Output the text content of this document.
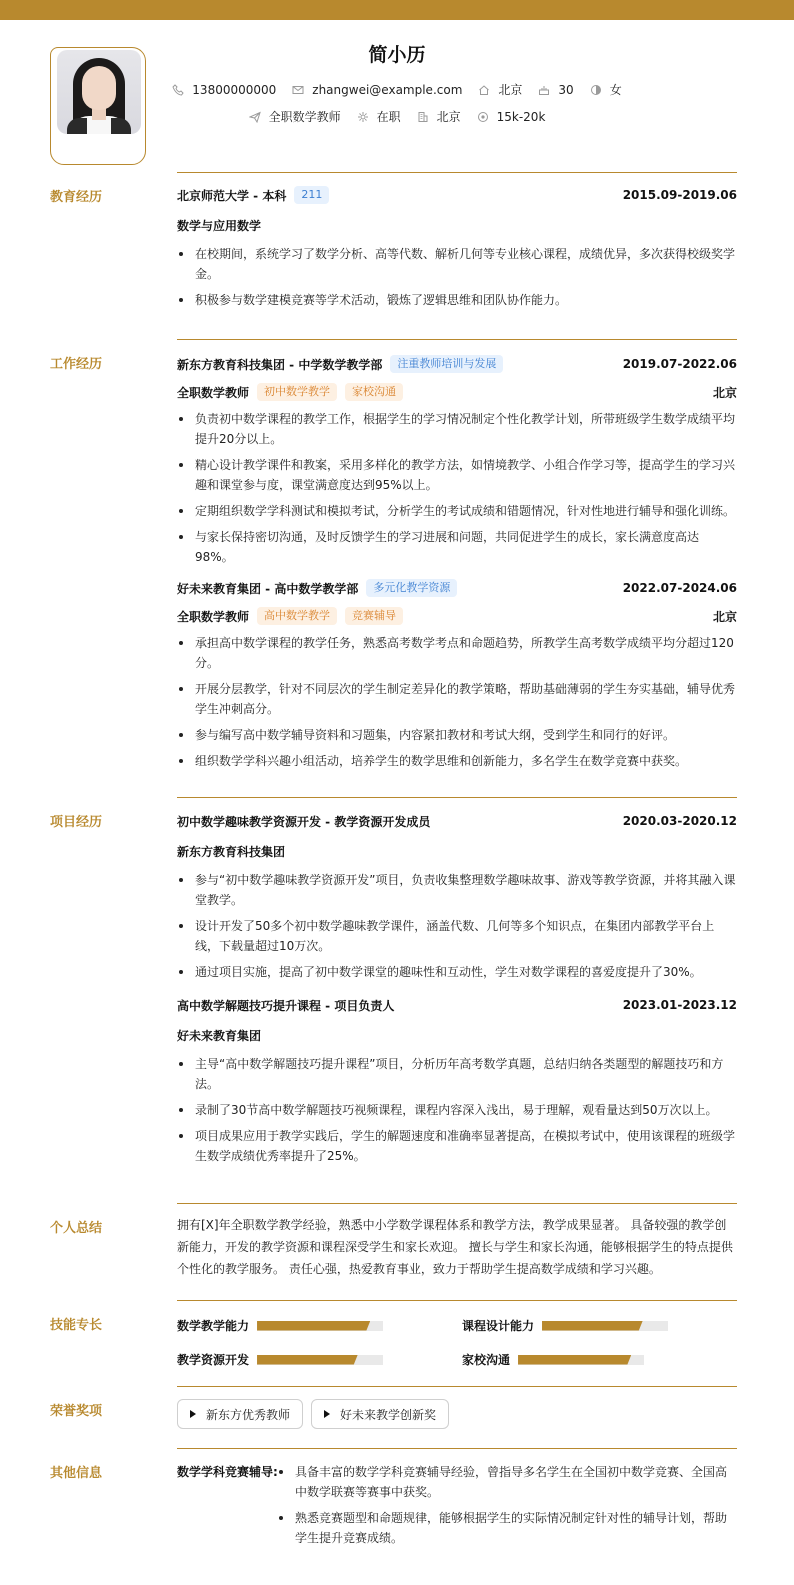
简小历
13800000000	zhangwei@example.com	北京	30	女
全职数学教师	在职	北京	15k-20k
教育经历	北京师范大学 - 本科	211	2015.09-2019.06
数学与应用数学
在校期间，系统学习了数学分析、高等代数、解析几何等专业核心课程，成绩优异，多次获得校级奖学金。
积极参与数学建模竞赛等学术活动，锻炼了逻辑思维和团队协作能力。
工作经历	新东方教育科技集团 - 中学数学教学部	注重教师培训与发展	2019.07-2022.06
全职数学教师	初中数学教学	家校沟通	北京
负责初中数学课程的教学工作，根据学生的学习情况制定个性化教学计划，所带班级学生数学成绩平均提升20分以上。
精心设计教学课件和教案，采用多样化的教学方法，如情境教学、小组合作学习等，提高学生的学习兴趣和课堂参与度，课堂满意度达到95%以上。
定期组织数学学科测试和模拟考试，分析学生的考试成绩和错题情况，针对性地进行辅导和强化训练。
与家长保持密切沟通，及时反馈学生的学习进展和问题，共同促进学生的成长，家长满意度高达98%。
好未来教育集团 - 高中数学教学部	多元化教学资源	2022.07-2024.06
全职数学教师	高中数学教学	竞赛辅导	北京
承担高中数学课程的教学任务，熟悉高考数学考点和命题趋势，所教学生高考数学成绩平均分超过120分。
开展分层教学，针对不同层次的学生制定差异化的教学策略，帮助基础薄弱的学生夯实基础，辅导优秀学生冲刺高分。
参与编写高中数学辅导资料和习题集，内容紧扣教材和考试大纲，受到学生和同行的好评。
组织数学学科兴趣小组活动，培养学生的数学思维和创新能力，多名学生在数学竞赛中获奖。
项目经历	初中数学趣味教学资源开发 - 教学资源开发成员	2020.03-2020.12
新东方教育科技集团
参与“初中数学趣味教学资源开发”项目，负责收集整理数学趣味故事、游戏等教学资源，并将其融入课堂教学。
设计开发了50多个初中数学趣味教学课件，涵盖代数、几何等多个知识点，在集团内部教学平台上线，下载量超过10万次。
通过项目实施，提高了初中数学课堂的趣味性和互动性，学生对数学课程的喜爱度提升了30%。
高中数学解题技巧提升课程 - 项目负责人	2023.01-2023.12
好未来教育集团
主导“高中数学解题技巧提升课程”项目，分析历年高考数学真题，总结归纳各类题型的解题技巧和方法。
录制了30节高中数学解题技巧视频课程，课程内容深入浅出，易于理解，观看量达到50万次以上。
项目成果应用于教学实践后，学生的解题速度和准确率显著提高，在模拟考试中，使用该课程的班级学生数学成绩优秀率提升了25%。
个人总结	拥有[X]年全职数学教学经验，熟悉中小学数学课程体系和教学方法，教学成果显著。 具备较强的教学创新能力，开发的教学资源和课程深受学生和家长欢迎。 擅长与学生和家长沟通，能够根据学生的特点提供个性化的教学服务。 责任心强，热爱教育事业，致力于帮助学生提高数学成绩和学习兴趣。
技能专长	数学教学能力	课程设计能力
教学资源开发	家校沟通
荣誉奖项	新东方优秀教师	好未来教学创新奖
其他信息	数学学科竞赛辅导:	具备丰富的数学学科竞赛辅导经验，曾指导多名学生在全国初中数学竞赛、全国高中数学联赛等赛事中获奖。
熟悉竞赛题型和命题规律，能够根据学生的实际情况制定针对性的辅导计划，帮助学生提升竞赛成绩。
